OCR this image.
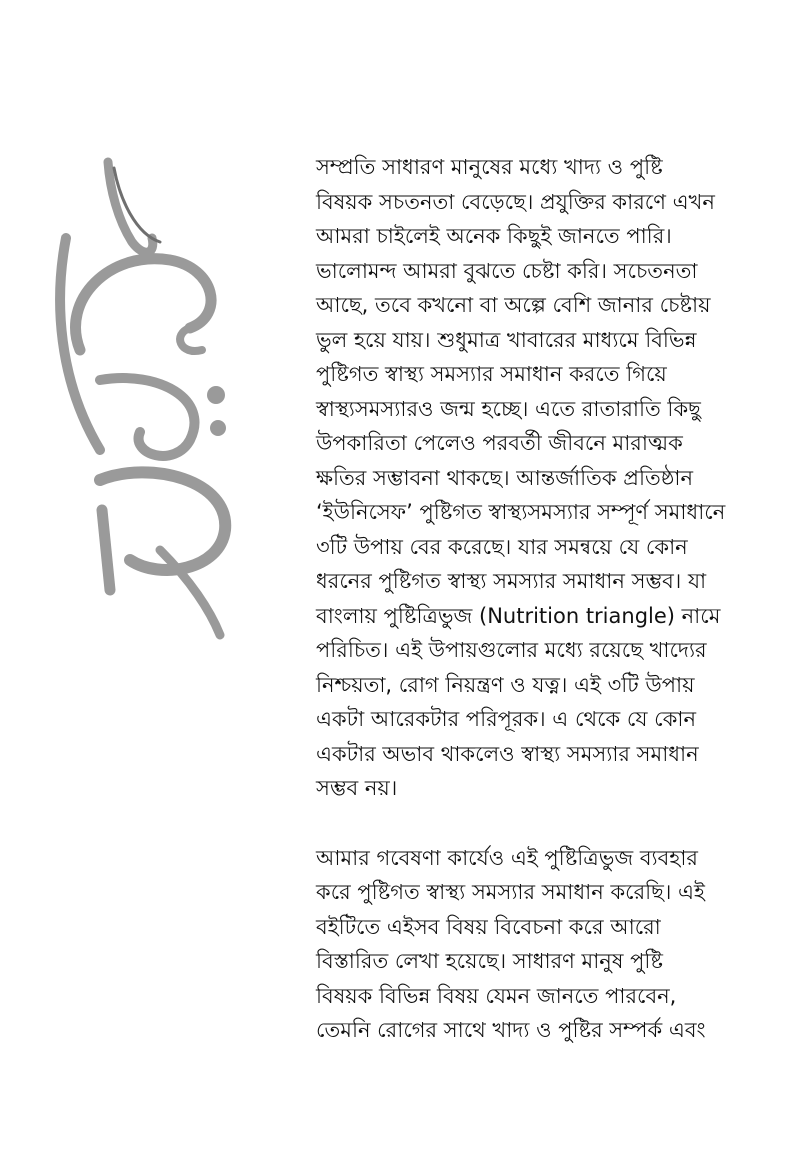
সম্প্রতি সাধারণ মানুষের মধ্যে খাদ্য ও পুষ্টি
বিষয়ক সচতনতা বেড়েছে। প্রযুক্তির কারণে এখন
আমরা চাইলেই অনেক কিছুই জানতে পারি।
ভালোমন্দ আমরা বুঝতে চেষ্টা করি। সচেতনতা
আছে, তবে কখনো বা অল্পে বেশি জানার চেষ্টায়
ভুল হয়ে যায়। শুধুমাত্র খাবারের মাধ্যমে বিভিন্ন
পুষ্টিগত স্বাস্থ্য সমস্যার সমাধান করতে গিয়ে
স্বাস্থ্যসমস্যারও জন্ম হচ্ছে। এতে রাতারাতি কিছু
উপকারিতা পেলেও পরবর্তী জীবনে মারাত্মক
ক্ষতির সম্ভাবনা থাকছে। আন্তর্জাতিক প্রতিষ্ঠান
‘ইউনিসেফ’ পুষ্টিগত স্বাস্থ্যসমস্যার সম্পূর্ণ সমাধানে
৩টি উপায় বের করেছে। যার সমন্বয়ে যে কোন
ধরনের পুষ্টিগত স্বাস্থ্য সমস্যার সমাধান সম্ভব। যা
বাংলায় পুষ্টিত্রিভুজ (Nutrition triangle) নামে
পরিচিত। এই উপায়গুলোর মধ্যে রয়েছে খাদ্যের
নিশ্চয়তা, রোগ নিয়ন্ত্রণ ও যত্ন। এই ৩টি উপায়
একটা আরেকটার পরিপূরক। এ থেকে যে কোন
একটার অভাব থাকলেও স্বাস্থ্য সমস্যার সমাধান
সম্ভব নয়।

আমার গবেষণা কার্যেও এই পুষ্টিত্রিভুজ ব্যবহার
করে পুষ্টিগত স্বাস্থ্য সমস্যার সমাধান করেছি। এই
বইটিতে এইসব বিষয় বিবেচনা করে আরো
বিস্তারিত লেখা হয়েছে। সাধারণ মানুষ পুষ্টি
বিষয়ক বিভিন্ন বিষয় যেমন জানতে পারবেন,
তেমনি রোগের সাথে খাদ্য ও পুষ্টির সম্পর্ক এবং
